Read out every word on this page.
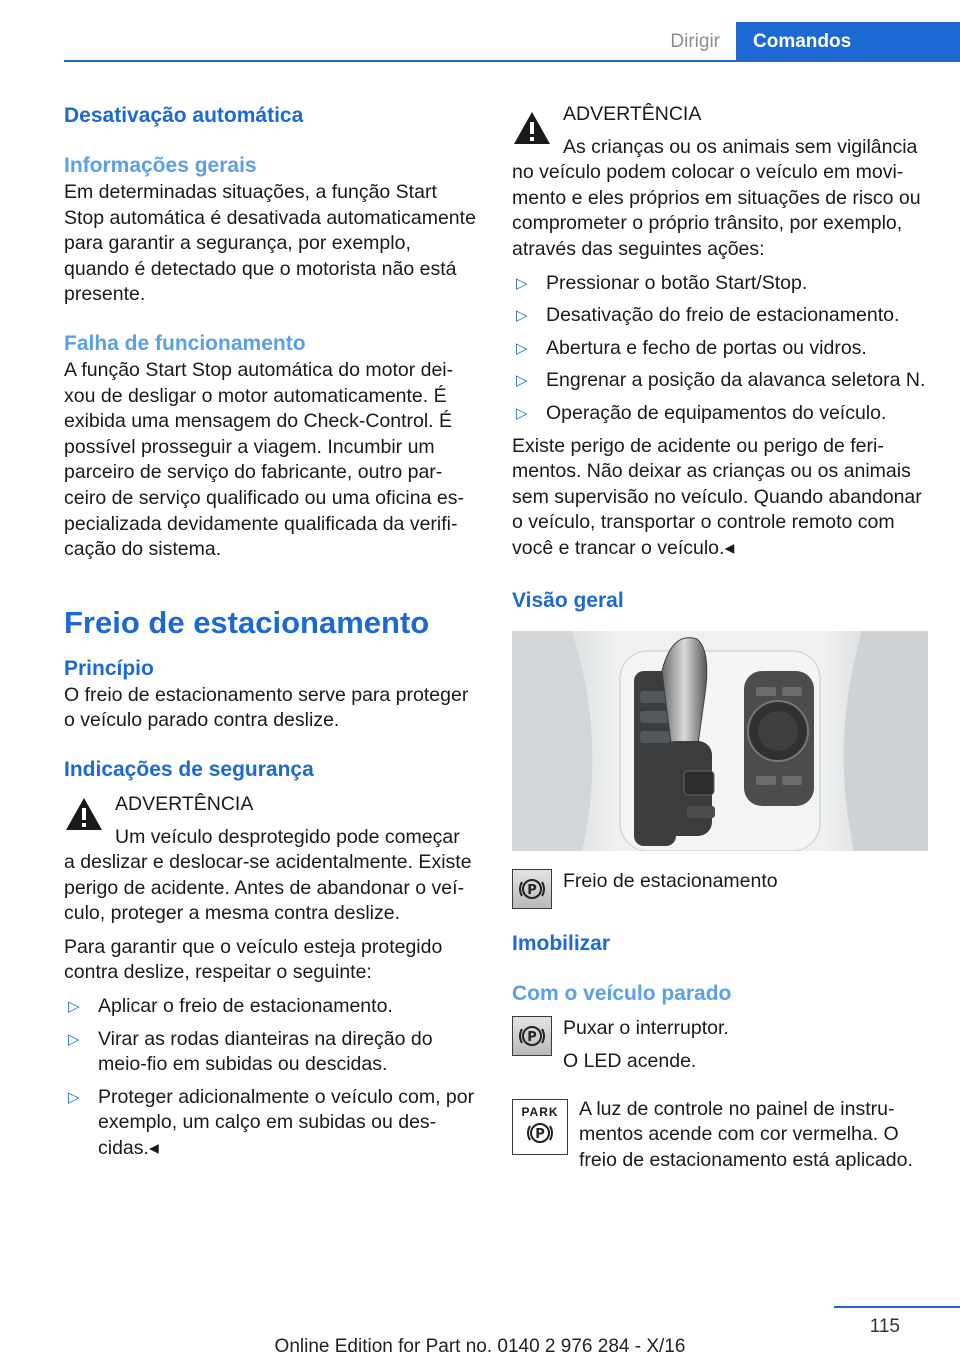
Dirigir	Comandos
Desativação automática
Informações gerais
Em determinadas situações, a função Start Stop automática é desativada automaticamente para garantir a segurança, por exemplo, quando é detectado que o motorista não está presente.
Falha de funcionamento
A função Start Stop automática do motor deixou de desligar o motor automaticamente. É exibida uma mensagem do Check-Control. É possível prosseguir a viagem. Incumbir um parceiro de serviço do fabricante, outro parceiro de serviço qualificado ou uma oficina especializada devidamente qualificada da verificação do sistema.
Freio de estacionamento
Princípio
O freio de estacionamento serve para proteger o veículo parado contra deslize.
Indicações de segurança
ADVERTÊNCIA
Um veículo desprotegido pode começar
a deslizar e deslocar-se acidentalmente. Existe perigo de acidente. Antes de abandonar o veículo, proteger a mesma contra deslize.
Para garantir que o veículo esteja protegido contra deslize, respeitar o seguinte:
▷ Aplicar o freio de estacionamento.
▷ Virar as rodas dianteiras na direção do meio-fio em subidas ou descidas.
▷ Proteger adicionalmente o veículo com, por exemplo, um calço em subidas ou descidas.◂
ADVERTÊNCIA
As crianças ou os animais sem vigilância
no veículo podem colocar o veículo em movimento e eles próprios em situações de risco ou comprometer o próprio trânsito, por exemplo, através das seguintes ações:
▷ Pressionar o botão Start/Stop.
▷ Desativação do freio de estacionamento.
▷ Abertura e fecho de portas ou vidros.
▷ Engrenar a posição da alavanca seletora N.
▷ Operação de equipamentos do veículo.
Existe perigo de acidente ou perigo de ferimentos. Não deixar as crianças ou os animais sem supervisão no veículo. Quando abandonar o veículo, transportar o controle remoto com você e trancar o veículo.◂
Visão geral
P	Freio de estacionamento
Imobilizar
Com o veículo parado
P	Puxar o interruptor.
O LED acende.
PARK
P
A luz de controle no painel de instrumentos acende com cor vermelha. O freio de estacionamento está aplicado.
115
Online Edition for Part no. 0140 2 976 284 - X/16
